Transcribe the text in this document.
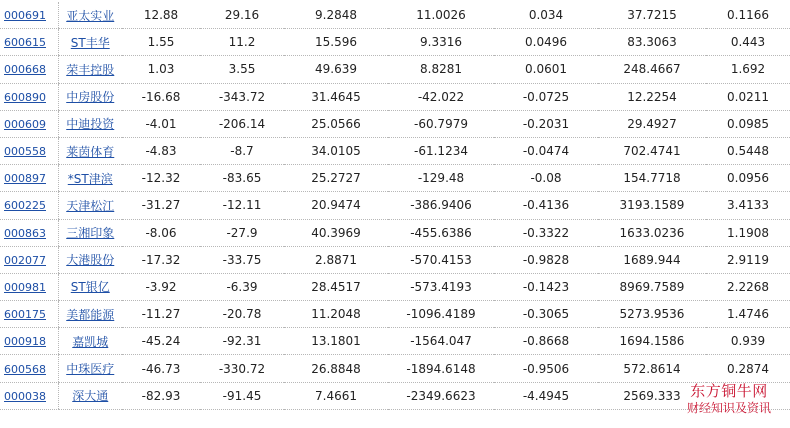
000691	亚太实业	12.88	29.16	9.2848	11.0026	0.034	37.7215	0.1166
600615	ST丰华	1.55	11.2	15.596	9.3316	0.0496	83.3063	0.443
000668	荣丰控股	1.03	3.55	49.639	8.8281	0.0601	248.4667	1.692
600890	中房股份	-16.68	-343.72	31.4645	-42.022	-0.0725	12.2254	0.0211
000609	中迪投资	-4.01	-206.14	25.0566	-60.7979	-0.2031	29.4927	0.0985
000558	莱茵体育	-4.83	-8.7	34.0105	-61.1234	-0.0474	702.4741	0.5448
000897	*ST津滨	-12.32	-83.65	25.2727	-129.48	-0.08	154.7718	0.0956
600225	天津松江	-31.27	-12.11	20.9474	-386.9406	-0.4136	3193.1589	3.4133
000863	三湘印象	-8.06	-27.9	40.3969	-455.6386	-0.3322	1633.0236	1.1908
002077	大港股份	-17.32	-33.75	2.8871	-570.4153	-0.9828	1689.944	2.9119
000981	ST银亿	-3.92	-6.39	28.4517	-573.4193	-0.1423	8969.7589	2.2268
600175	美都能源	-11.27	-20.78	11.2048	-1096.4189	-0.3065	5273.9536	1.4746
000918	嘉凯城	-45.24	-92.31	13.1801	-1564.047	-0.8668	1694.1586	0.939
600568	中珠医疗	-46.73	-330.72	26.8848	-1894.6148	-0.9506	572.8614	0.2874
000038	深大通	-82.93	-91.45	7.4661	-2349.6623	-4.4945	2569.333	东方铜牛网
财经知识及资讯
